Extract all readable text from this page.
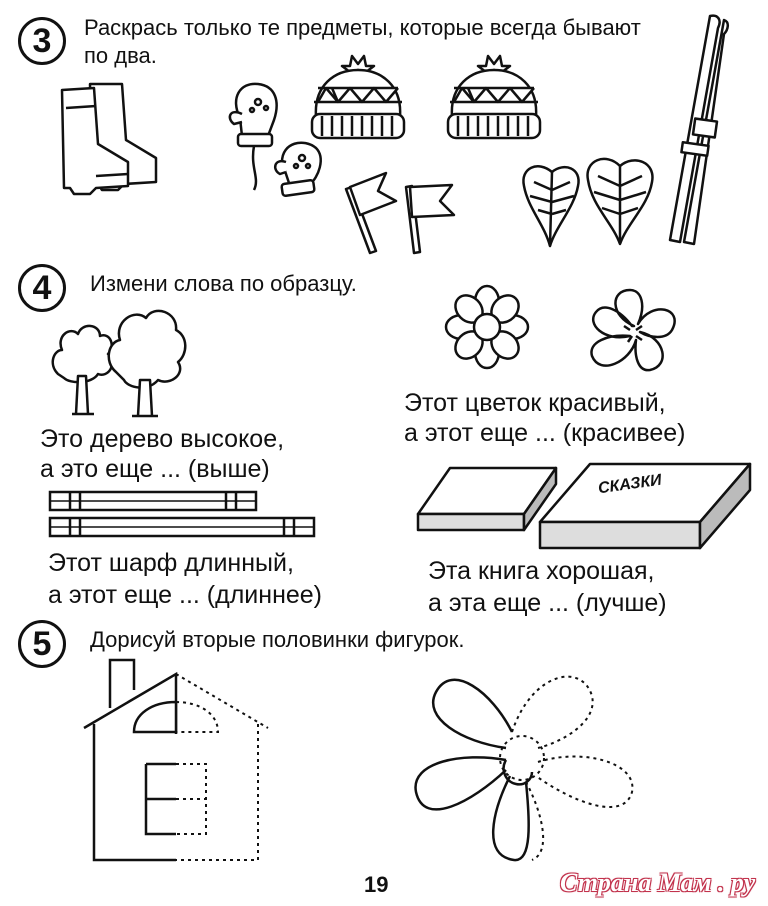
3 Раскрась только те предметы, которые всегда бывают по два.
4 Измени слова по образцу.
Это дерево высокое,
а это еще ... (выше)
Этот цветок красивый,
а этот еще ... (красивее)
Этот шарф длинный,
а этот еще ... (длиннее)
СКАЗКИ
Эта книга хорошая,
а эта еще ... (лучше)
5 Дорисуй вторые половинки фигурок.
19	Страна Мам . ру
